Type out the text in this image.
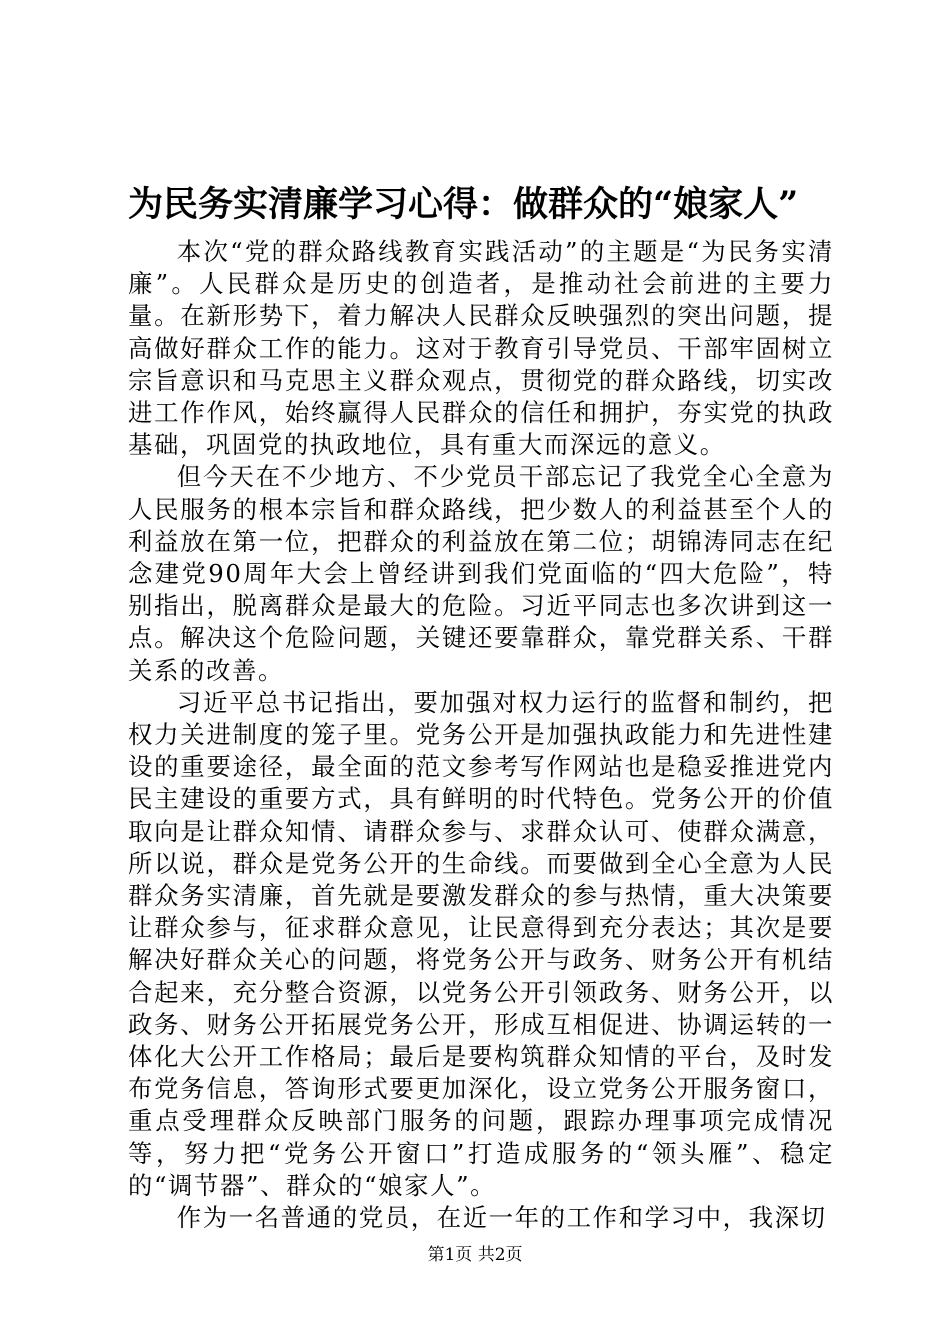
为民务实清廉学习心得：做群众的“娘家人”

本次“党的群众路线教育实践活动”的主题是“为民务实清廉”。人民群众是历史的创造者，是推动社会前进的主要力量。在新形势下，着力解决人民群众反映强烈的突出问题，提高做好群众工作的能力。这对于教育引导党员、干部牢固树立宗旨意识和马克思主义群众观点，贯彻党的群众路线，切实改进工作作风，始终赢得人民群众的信任和拥护，夯实党的执政基础，巩固党的执政地位，具有重大而深远的意义。

但今天在不少地方、不少党员干部忘记了我党全心全意为人民服务的根本宗旨和群众路线，把少数人的利益甚至个人的利益放在第一位，把群众的利益放在第二位；胡锦涛同志在纪念建党90周年大会上曾经讲到我们党面临的“四大危险”，特别指出，脱离群众是最大的危险。习近平同志也多次讲到这一点。解决这个危险问题，关键还要靠群众，靠党群关系、干群关系的改善。

习近平总书记指出，要加强对权力运行的监督和制约，把权力关进制度的笼子里。党务公开是加强执政能力和先进性建设的重要途径，最全面的范文参考写作网站也是稳妥推进党内民主建设的重要方式，具有鲜明的时代特色。党务公开的价值取向是让群众知情、请群众参与、求群众认可、使群众满意，所以说，群众是党务公开的生命线。而要做到全心全意为人民群众务实清廉，首先就是要激发群众的参与热情，重大决策要让群众参与，征求群众意见，让民意得到充分表达；其次是要解决好群众关心的问题，将党务公开与政务、财务公开有机结合起来，充分整合资源，以党务公开引领政务、财务公开，以政务、财务公开拓展党务公开，形成互相促进、协调运转的一体化大公开工作格局；最后是要构筑群众知情的平台，及时发布党务信息，答询形式要更加深化，设立党务公开服务窗口，重点受理群众反映部门服务的问题，跟踪办理事项完成情况等，努力把“党务公开窗口”打造成服务的“领头雁”、稳定的“调节器”、群众的“娘家人”。

作为一名普通的党员，在近一年的工作和学习中，我深切

第1页 共2页
